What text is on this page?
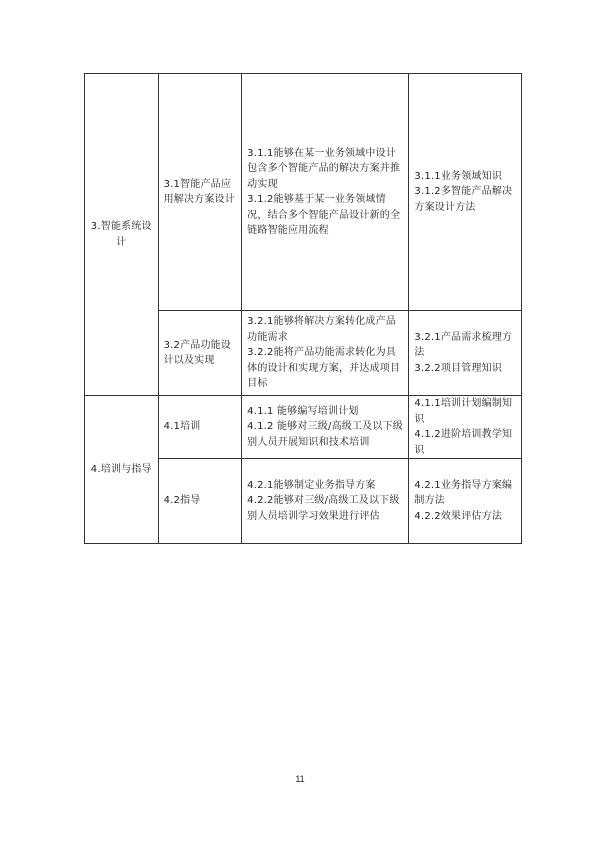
3.智能系统设计	3.1智能产品应用解决方案设计	3.1.1能够在某一业务领域中设计包含多个智能产品的解决方案并推动实现
3.1.2能够基于某一业务领域情况，结合多个智能产品设计新的全链路智能应用流程	3.1.1业务领域知识
3.1.2多智能产品解决方案设计方法

	3.2产品功能设计以及实现	3.2.1能够将解决方案转化成产品功能需求
3.2.2能将产品功能需求转化为具体的设计和实现方案，并达成项目目标	3.2.1产品需求梳理方法
3.2.2项目管理知识

4.培训与指导	4.1培训	4.1.1 能够编写培训计划
4.1.2 能够对三级/高级工及以下级别人员开展知识和技术培训	4.1.1培训计划编制知识
4.1.2进阶培训教学知识

	4.2指导	4.2.1能够制定业务指导方案
4.2.2能够对三级/高级工及以下级别人员培训学习效果进行评估	4.2.1业务指导方案编制方法
4.2.2效果评估方法
11
